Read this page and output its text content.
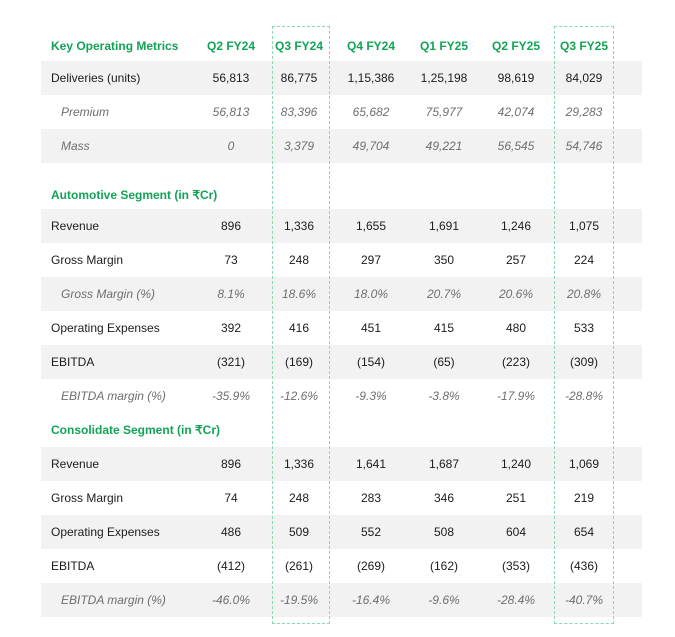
Key Operating Metrics	Q2 FY24	Q3 FY24	Q4 FY24	Q1 FY25	Q2 FY25	Q3 FY25	
Deliveries (units)	56,813	86,775	1,15,386	1,25,198	98,619	84,029	
Premium	56,813	83,396	65,682	75,977	42,074	29,283	
Mass	0	3,379	49,704	49,221	56,545	54,746	

Automotive Segment (in ₹Cr)							
Revenue	896	1,336	1,655	1,691	1,246	1,075	
Gross Margin	73	248	297	350	257	224	
Gross Margin (%)	8.1%	18.6%	18.0%	20.7%	20.6%	20.8%	
Operating Expenses	392	416	451	415	480	533	
EBITDA	(321)	(169)	(154)	(65)	(223)	(309)	
EBITDA margin (%)	-35.9%	-12.6%	-9.3%	-3.8%	-17.9%	-28.8%	
Consolidate Segment (in ₹Cr)							
Revenue	896	1,336	1,641	1,687	1,240	1,069	
Gross Margin	74	248	283	346	251	219	
Operating Expenses	486	509	552	508	604	654	
EBITDA	(412)	(261)	(269)	(162)	(353)	(436)	
EBITDA margin (%)	-46.0%	-19.5%	-16.4%	-9.6%	-28.4%	-40.7%	
